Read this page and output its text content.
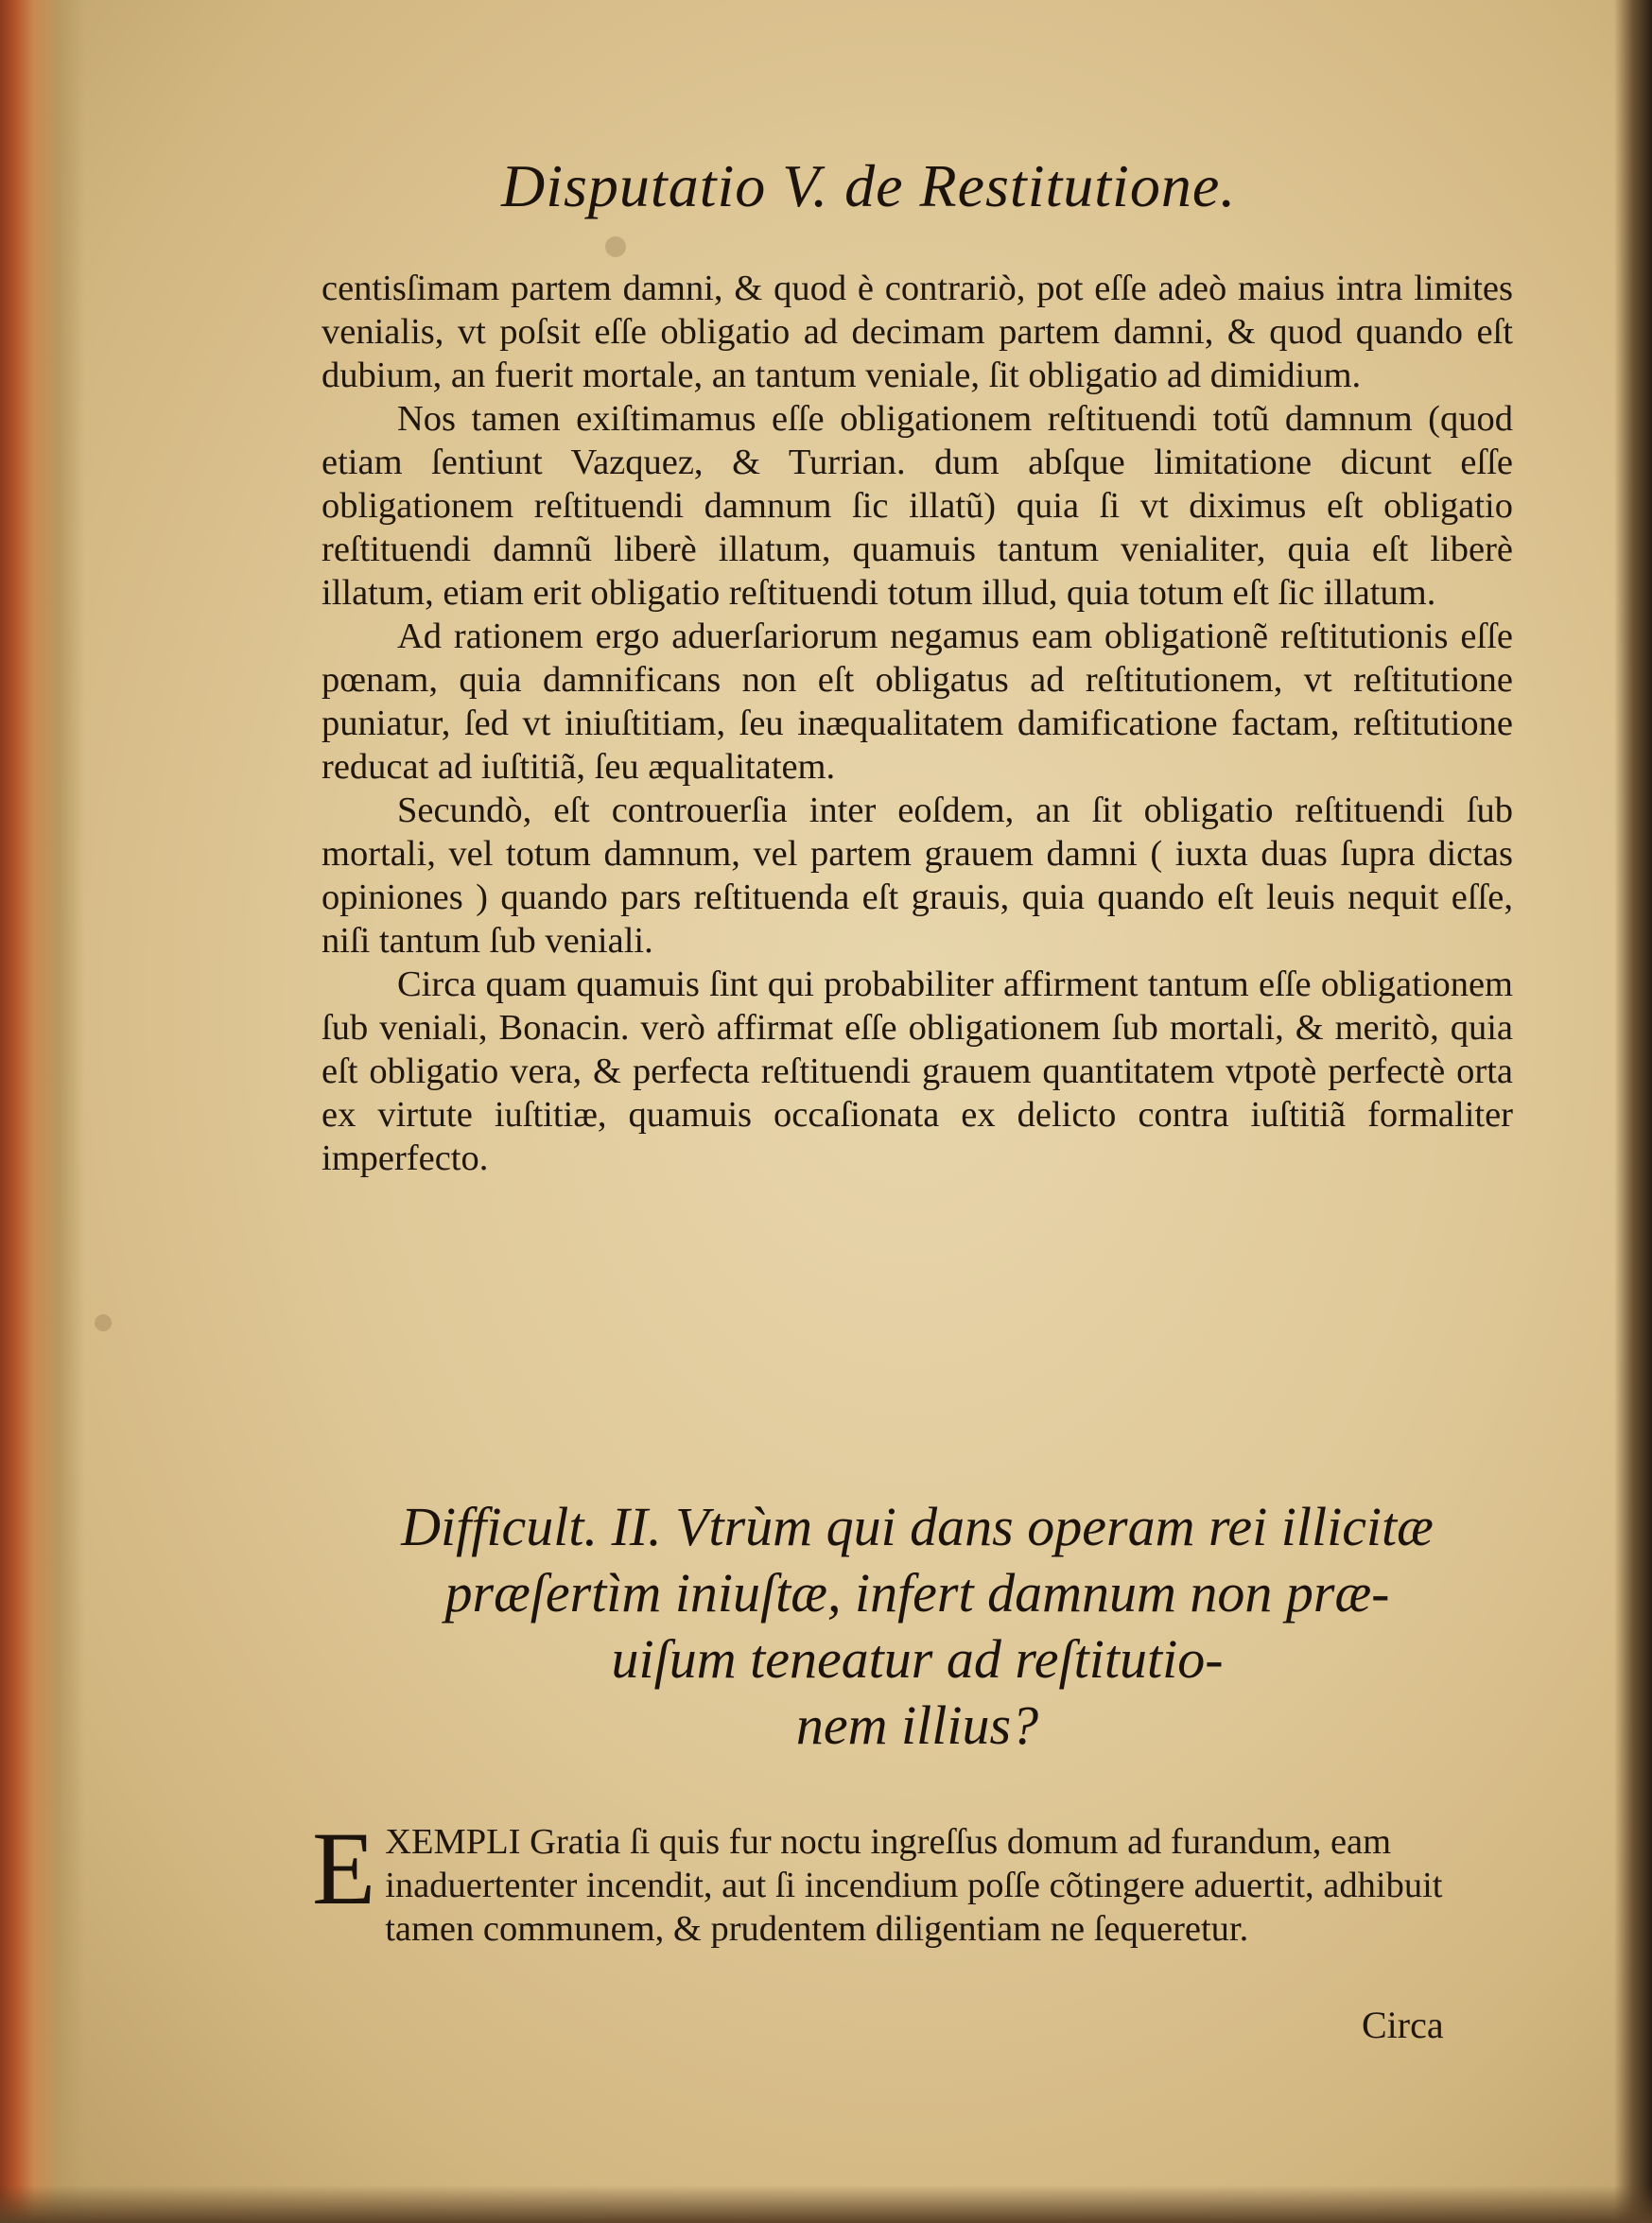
Disputatio V. de Restitutione.

centisſimam partem damni, & quod è contrariò, pot eſſe adeò maius intra limites venialis, vt poſsit eſſe obligatio ad decimam partem damni, & quod quando eſt dubium, an fuerit mortale, an tantum veniale, ſit obligatio ad dimidium.

Nos tamen exiſtimamus eſſe obligationem reſtituendi totũ damnum (quod etiam ſentiunt Vazquez, & Turrian. dum abſque limitatione dicunt eſſe obligationem reſtituendi damnum ſic illatũ) quia ſi vt diximus eſt obligatio reſtituendi damnũ liberè illatum, quamuis tantum venialiter, quia eſt liberè illatum, etiam erit obligatio reſtituendi totum illud, quia totum eſt ſic illatum.

Ad rationem ergo aduerſariorum negamus eam obligationẽ reſtitutionis eſſe pœnam, quia damnificans non eſt obligatus ad reſtitutionem, vt reſtitutione puniatur, ſed vt iniuſtitiam, ſeu inæqualitatem damificatione factam, reſtitutione reducat ad iuſtitiã, ſeu æqualitatem.

Secundò, eſt controuerſia inter eoſdem, an ſit obligatio reſtituendi ſub mortali, vel totum damnum, vel partem grauem damni ( iuxta duas ſupra dictas opiniones ) quando pars reſtituenda eſt grauis, quia quando eſt leuis nequit eſſe, niſi tantum ſub veniali.

Circa quam quamuis ſint qui probabiliter affirment tantum eſſe obligationem ſub veniali, Bonacin. verò affirmat eſſe obligationem ſub mortali, & meritò, quia eſt obligatio vera, & perfecta reſtituendi grauem quantitatem vtpotè perfectè orta ex virtute iuſtitiæ, quamuis occaſionata ex delicto contra iuſtitiã formaliter imperfecto.

Difficult. II. Vtrùm qui dans operam rei illicitæ
præſertìm iniuſtæ, infert damnum non præ-
uiſum teneatur ad reſtitutio-
nem illius?
EXEMPLI Gratia ſi quis fur noctu ingreſſus domum ad furandum, eam inaduertenter incendit, aut ſi incendium poſſe cõtingere aduertit, adhibuit tamen communem, & prudentem diligentiam ne ſequeretur.
Circa
